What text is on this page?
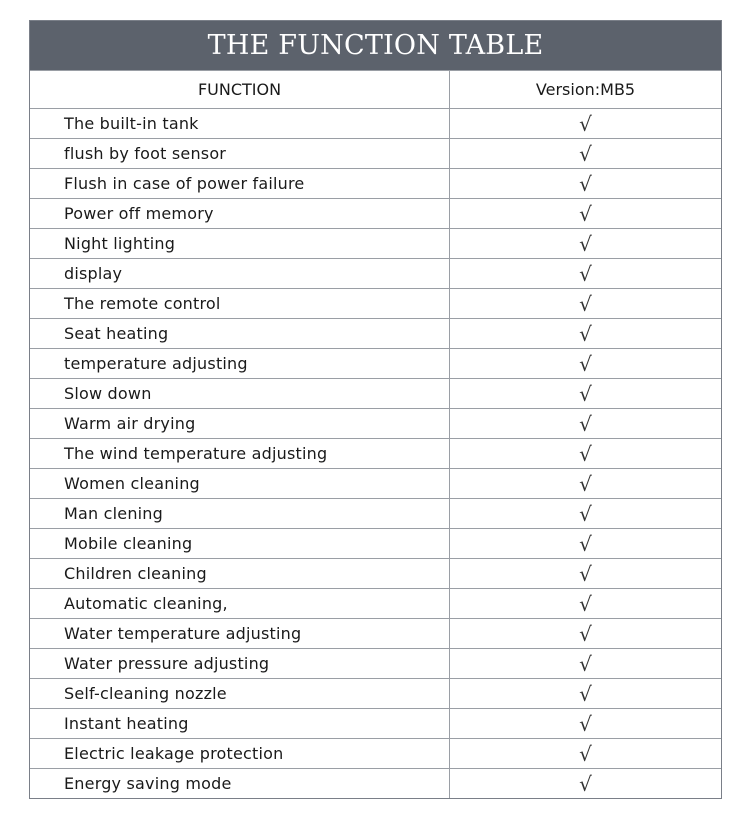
THE FUNCTION TABLE
FUNCTION	Version:MB5
The built-in tank	√
flush by foot sensor	√
Flush in case of power failure	√
Power off memory	√
Night lighting	√
display	√
The remote control	√
Seat heating	√
temperature adjusting	√
Slow down	√
Warm air drying	√
The wind temperature adjusting	√
Women cleaning	√
Man clening	√
Mobile cleaning	√
Children cleaning	√
Automatic cleaning,	√
Water temperature adjusting	√
Water pressure adjusting	√
Self-cleaning nozzle	√
Instant heating	√
Electric leakage protection	√
Energy saving mode	√
